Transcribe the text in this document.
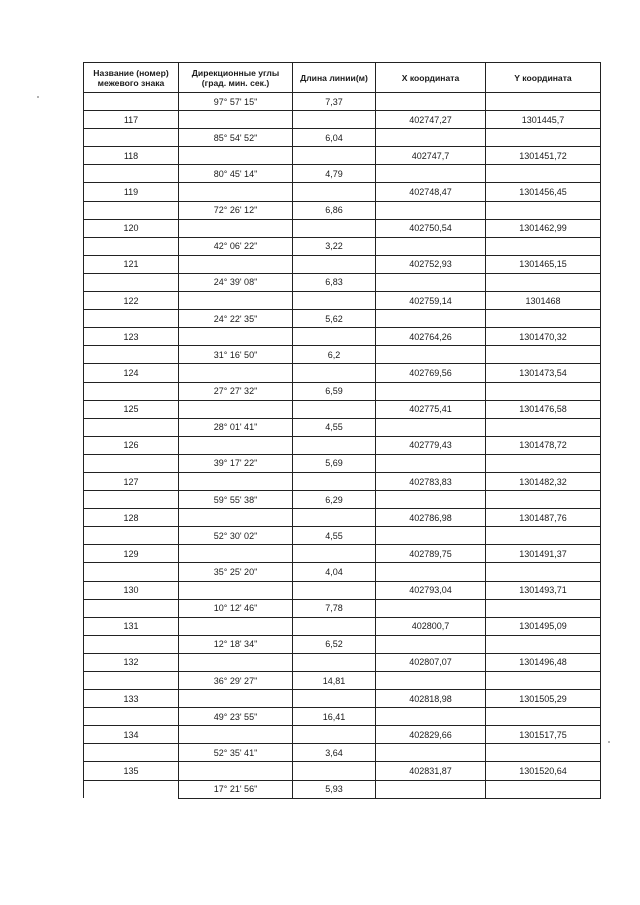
Название (номер) межевого знака	Дирекционные углы (град. мин. сек.)	Длина линии(м)	X координата	Y координата
	97° 57' 15"	7,37		
117			402747,27	1301445,7
	85° 54' 52"	6,04		
118			402747,7	1301451,72
	80° 45' 14"	4,79		
119			402748,47	1301456,45
	72° 26' 12"	6,86		
120			402750,54	1301462,99
	42° 06' 22"	3,22		
121			402752,93	1301465,15
	24° 39' 08"	6,83		
122			402759,14	1301468
	24° 22' 35"	5,62		
123			402764,26	1301470,32
	31° 16' 50"	6,2		
124			402769,56	1301473,54
	27° 27' 32"	6,59		
125			402775,41	1301476,58
	28° 01' 41"	4,55		
126			402779,43	1301478,72
	39° 17' 22"	5,69		
127			402783,83	1301482,32
	59° 55' 38"	6,29		
128			402786,98	1301487,76
	52° 30' 02"	4,55		
129			402789,75	1301491,37
	35° 25' 20"	4,04		
130			402793,04	1301493,71
	10° 12' 46"	7,78		
131			402800,7	1301495,09
	12° 18' 34"	6,52		
132			402807,07	1301496,48
	36° 29' 27"	14,81		
133			402818,98	1301505,29
	49° 23' 55"	16,41		
134			402829,66	1301517,75
	52° 35' 41"	3,64		
135			402831,87	1301520,64
	17° 21' 56"	5,93		
